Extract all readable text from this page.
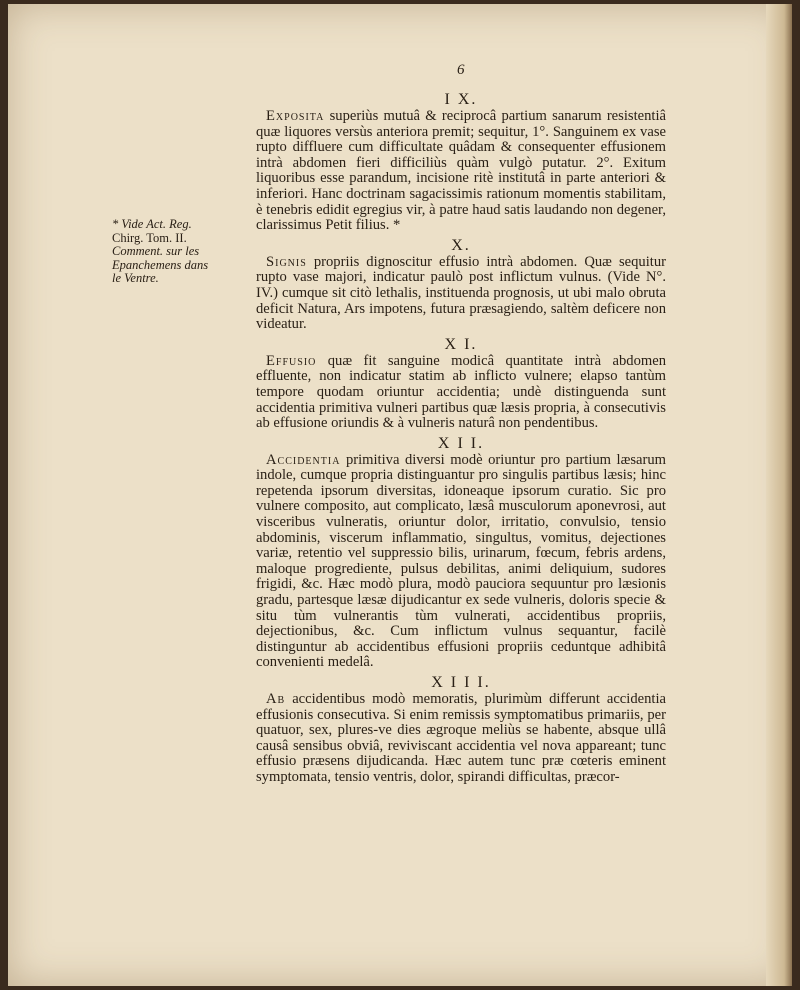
6
* Vide Act. Reg.
Chirg. Tom. II.
Comment. sur les
Epanchemens dans
le Ventre.
I X.

Exposita superiùs mutuâ & reciprocâ partium sanarum resistentiâ quæ liquores versùs anteriora premit; sequitur, 1°. Sanguinem ex vase rupto diffluere cum difficultate quâdam & consequenter effusionem intrà abdomen fieri difficiliùs quàm vulgò putatur. 2°. Exitum liquoribus esse parandum, incisione ritè institutâ in parte anteriori & inferiori. Hanc doctrinam sagacissimis rationum momentis stabilitam, è tenebris edidit egregius vir, à patre haud satis laudando non degener, clarissimus Petit filius. *

X.

Signis propriis dignoscitur effusio intrà abdomen. Quæ sequitur rupto vase majori, indicatur paulò post inflictum vulnus. (Vide N°. IV.) cumque sit citò lethalis, instituenda prognosis, ut ubi malo obruta deficit Natura, Ars impotens, futura præsagiendo, saltèm deficere non videatur.

X I.

Effusio quæ fit sanguine modicâ quantitate intrà abdomen effluente, non indicatur statim ab inflicto vulnere; elapso tantùm tempore quodam oriuntur accidentia; undè distinguenda sunt accidentia primitiva vulneri partibus quæ læsis propria, à consecutivis ab effusione oriundis & à vulneris naturâ non pendentibus.

X I I.

Accidentia primitiva diversi modè oriuntur pro partium læsarum indole, cumque propria distinguantur pro singulis partibus læsis; hinc repetenda ipsorum diversitas, idoneaque ipsorum curatio. Sic pro vulnere composito, aut complicato, læsâ musculorum aponevrosi, aut visceribus vulneratis, oriuntur dolor, irritatio, convulsio, tensio abdominis, viscerum inflammatio, singultus, vomitus, dejectiones variæ, retentio vel suppressio bilis, urinarum, fœcum, febris ardens, maloque progrediente, pulsus debilitas, animi deliquium, sudores frigidi, &c. Hæc modò plura, modò pauciora sequuntur pro læsionis gradu, partesque læsæ dijudicantur ex sede vulneris, doloris specie & situ tùm vulnerantis tùm vulnerati, accidentibus propriis, dejectionibus, &c. Cum inflictum vulnus sequantur, facilè distinguntur ab accidentibus effusioni propriis ceduntque adhibitâ convenienti medelâ.

X I I I.

Ab accidentibus modò memoratis, plurimùm differunt accidentia effusionis consecutiva. Si enim remissis symptomatibus primariis, per quatuor, sex, plures-ve dies ægroque meliùs se habente, absque ullâ causâ sensibus obviâ, reviviscant accidentia vel nova appareant; tunc effusio præsens dijudicanda. Hæc autem tunc præ cœteris eminent symptomata, tensio ventris, dolor, spirandi difficultas, præcor-
